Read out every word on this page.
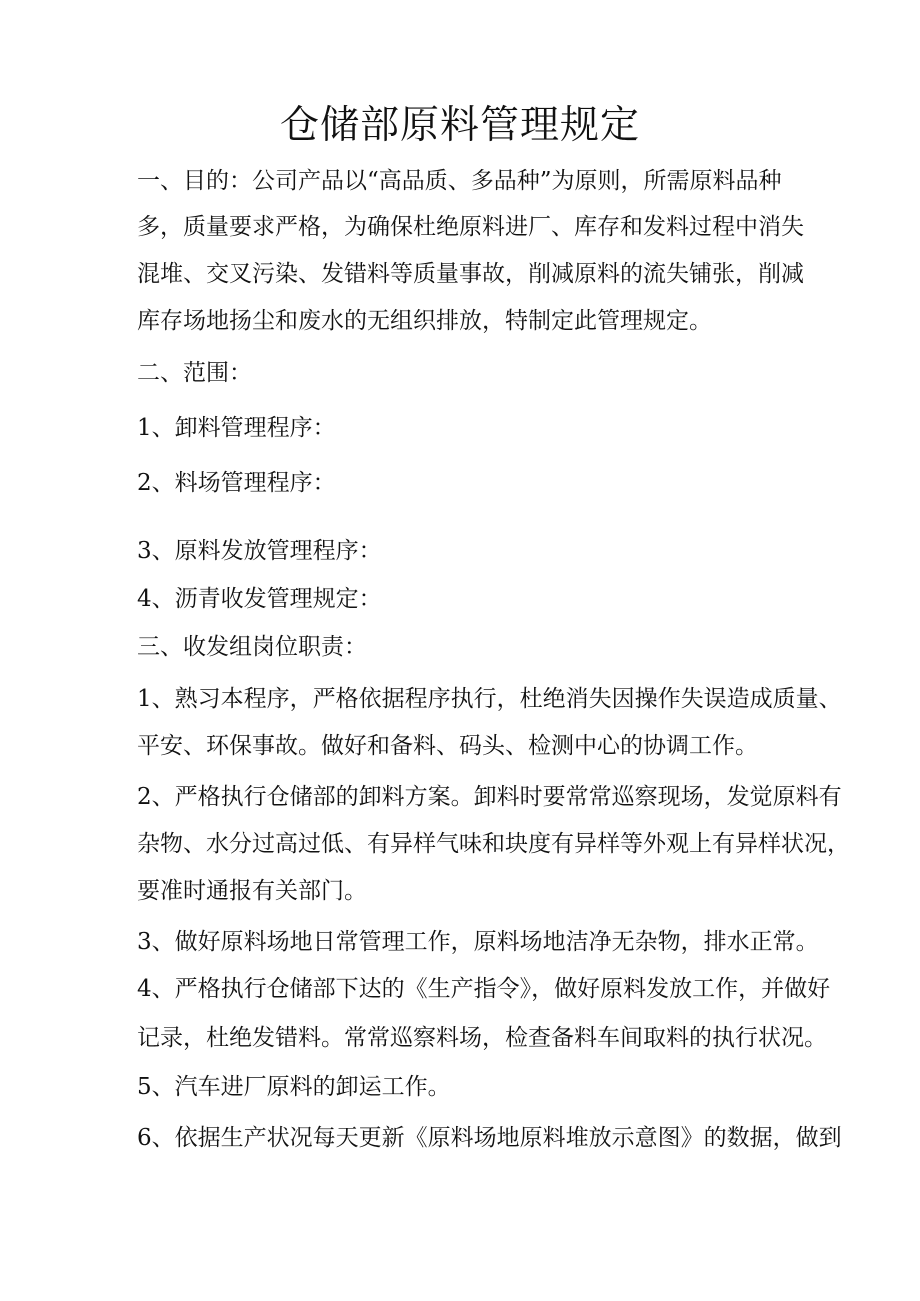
仓储部原料管理规定
一、目的：公司产品以“高品质、多品种”为原则，所需原料品种
多，质量要求严格，为确保杜绝原料进厂、库存和发料过程中消失
混堆、交叉污染、发错料等质量事故，削减原料的流失铺张，削减
库存场地扬尘和废水的无组织排放，特制定此管理规定。
二、范围：
1、卸料管理程序：
2、料场管理程序：
3、原料发放管理程序：
4、沥青收发管理规定：
三、收发组岗位职责：
1、熟习本程序，严格依据程序执行，杜绝消失因操作失误造成质量、
平安、环保事故。做好和备料、码头、检测中心的协调工作。
2、严格执行仓储部的卸料方案。卸料时要常常巡察现场，发觉原料有
杂物、水分过高过低、有异样气味和块度有异样等外观上有异样状况，
要准时通报有关部门。
3、做好原料场地日常管理工作，原料场地洁净无杂物，排水正常。
4、严格执行仓储部下达的《生产指令》，做好原料发放工作，并做好
记录，杜绝发错料。常常巡察料场，检查备料车间取料的执行状况。
5、汽车进厂原料的卸运工作。
6、依据生产状况每天更新《原料场地原料堆放示意图》的数据，做到
